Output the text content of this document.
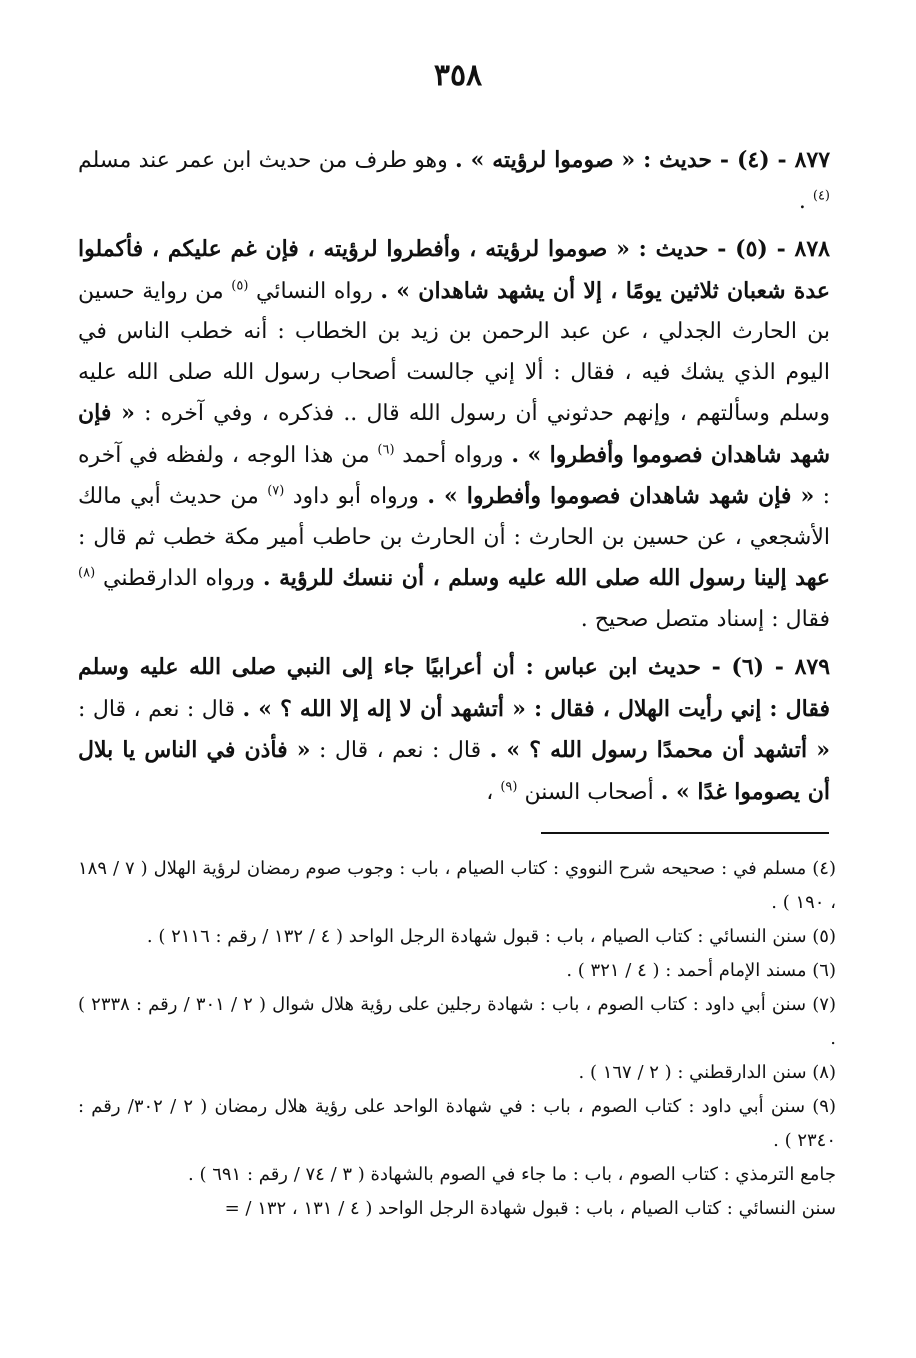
٣٥٨

٨٧٧ - (٤) - حديث : « صوموا لرؤيته » . وهو طرف من حديث ابن عمر عند مسلم $^{(٤)}$ .

٨٧٨ - (٥) - حديث : « صوموا لرؤيته ، وأفطروا لرؤيته ، فإن غم عليكم ، فأكملوا عدة شعبان ثلاثين يومًا ، إلا أن يشهد شاهدان » . رواه النسائي $^{(٥)}$ من رواية حسين بن الحارث الجدلي ، عن عبد الرحمن بن زيد بن الخطاب : أنه خطب الناس في اليوم الذي يشك فيه ، فقال : ألا إني جالست أصحاب رسول الله صلى الله عليه وسلم وسألتهم ، وإنهم حدثوني أن رسول الله قال .. فذكره ، وفي آخره : « فإن شهد شاهدان فصوموا وأفطروا » . ورواه أحمد $^{(٦)}$ من هذا الوجه ، ولفظه في آخره : « فإن شهد شاهدان فصوموا وأفطروا » . ورواه أبو داود $^{(٧)}$ من حديث أبي مالك الأشجعي ، عن حسين بن الحارث : أن الحارث بن حاطب أمير مكة خطب ثم قال : عهد إلينا رسول الله صلى الله عليه وسلم ، أن ننسك للرؤية . ورواه الدارقطني $^{(٨)}$ فقال : إسناد متصل صحيح .

٨٧٩ - (٦) - حديث ابن عباس : أن أعرابيًا جاء إلى النبي صلى الله عليه وسلم فقال : إني رأيت الهلال ، فقال : « أتشهد أن لا إله إلا الله ؟ » . قال : نعم ، قال : « أتشهد أن محمدًا رسول الله ؟ » . قال : نعم ، قال : « فأذن في الناس يا بلال أن يصوموا غدًا » . أصحاب السنن $^{(٩)}$ ،

(٤) مسلم في : صحيحه شرح النووي : كتاب الصيام ، باب : وجوب صوم رمضان لرؤية الهلال ( ٧ / ١٨٩ ، ١٩٠ ) .

(٥) سنن النسائي : كتاب الصيام ، باب : قبول شهادة الرجل الواحد ( ٤ / ١٣٢ / رقم : ٢١١٦ ) .

(٦) مسند الإمام أحمد : ( ٤ / ٣٢١ ) .

(٧) سنن أبي داود : كتاب الصوم ، باب : شهادة رجلين على رؤية هلال شوال ( ٢ / ٣٠١ / رقم : ٢٣٣٨ ) .

(٨) سنن الدارقطني : ( ٢ / ١٦٧ ) .

(٩) سنن أبي داود : كتاب الصوم ، باب : في شهادة الواحد على رؤية هلال رمضان ( ٢ / ٣٠٢/ رقم : ٢٣٤٠ ) .

جامع الترمذي : كتاب الصوم ، باب : ما جاء في الصوم بالشهادة ( ٣ / ٧٤ / رقم : ٦٩١ ) .

سنن النسائي : كتاب الصيام ، باب : قبول شهادة الرجل الواحد ( ٤ / ١٣١ ، ١٣٢ / =
